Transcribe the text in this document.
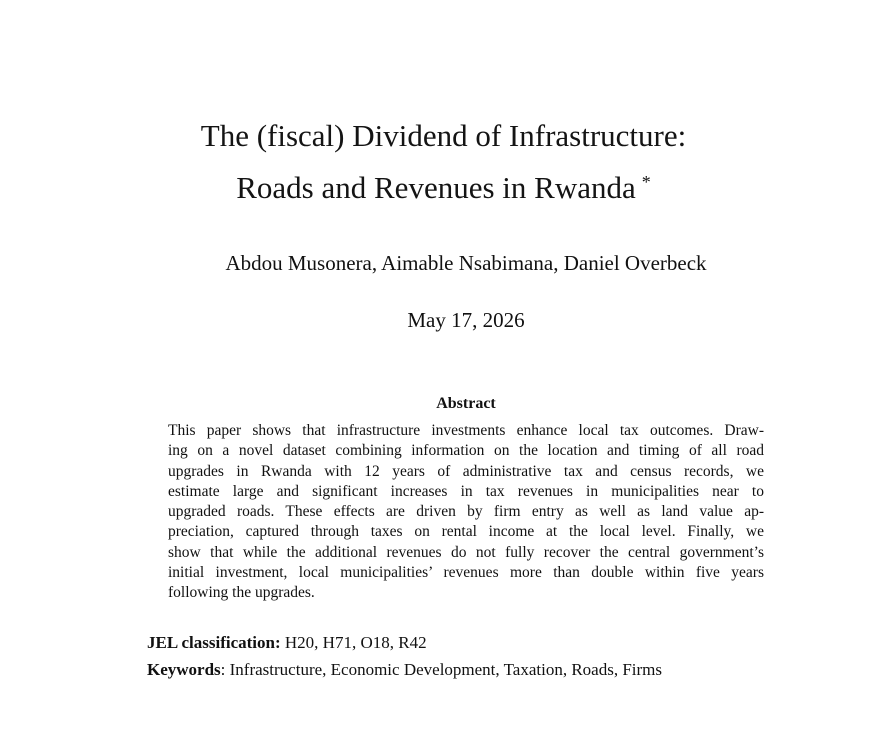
The (fiscal) Dividend of Infrastructure:
Roads and Revenues in Rwanda *
Abdou Musonera, Aimable Nsabimana, Daniel Overbeck
May 17, 2026
Abstract
This paper shows that infrastructure investments enhance local tax outcomes. Draw-
ing on a novel dataset combining information on the location and timing of all road
upgrades in Rwanda with 12 years of administrative tax and census records, we
estimate large and significant increases in tax revenues in municipalities near to
upgraded roads. These effects are driven by firm entry as well as land value ap-
preciation, captured through taxes on rental income at the local level. Finally, we
show that while the additional revenues do not fully recover the central government’s
initial investment, local municipalities’ revenues more than double within five years
following the upgrades.
JEL classification: H20, H71, O18, R42
Keywords: Infrastructure, Economic Development, Taxation, Roads, Firms
